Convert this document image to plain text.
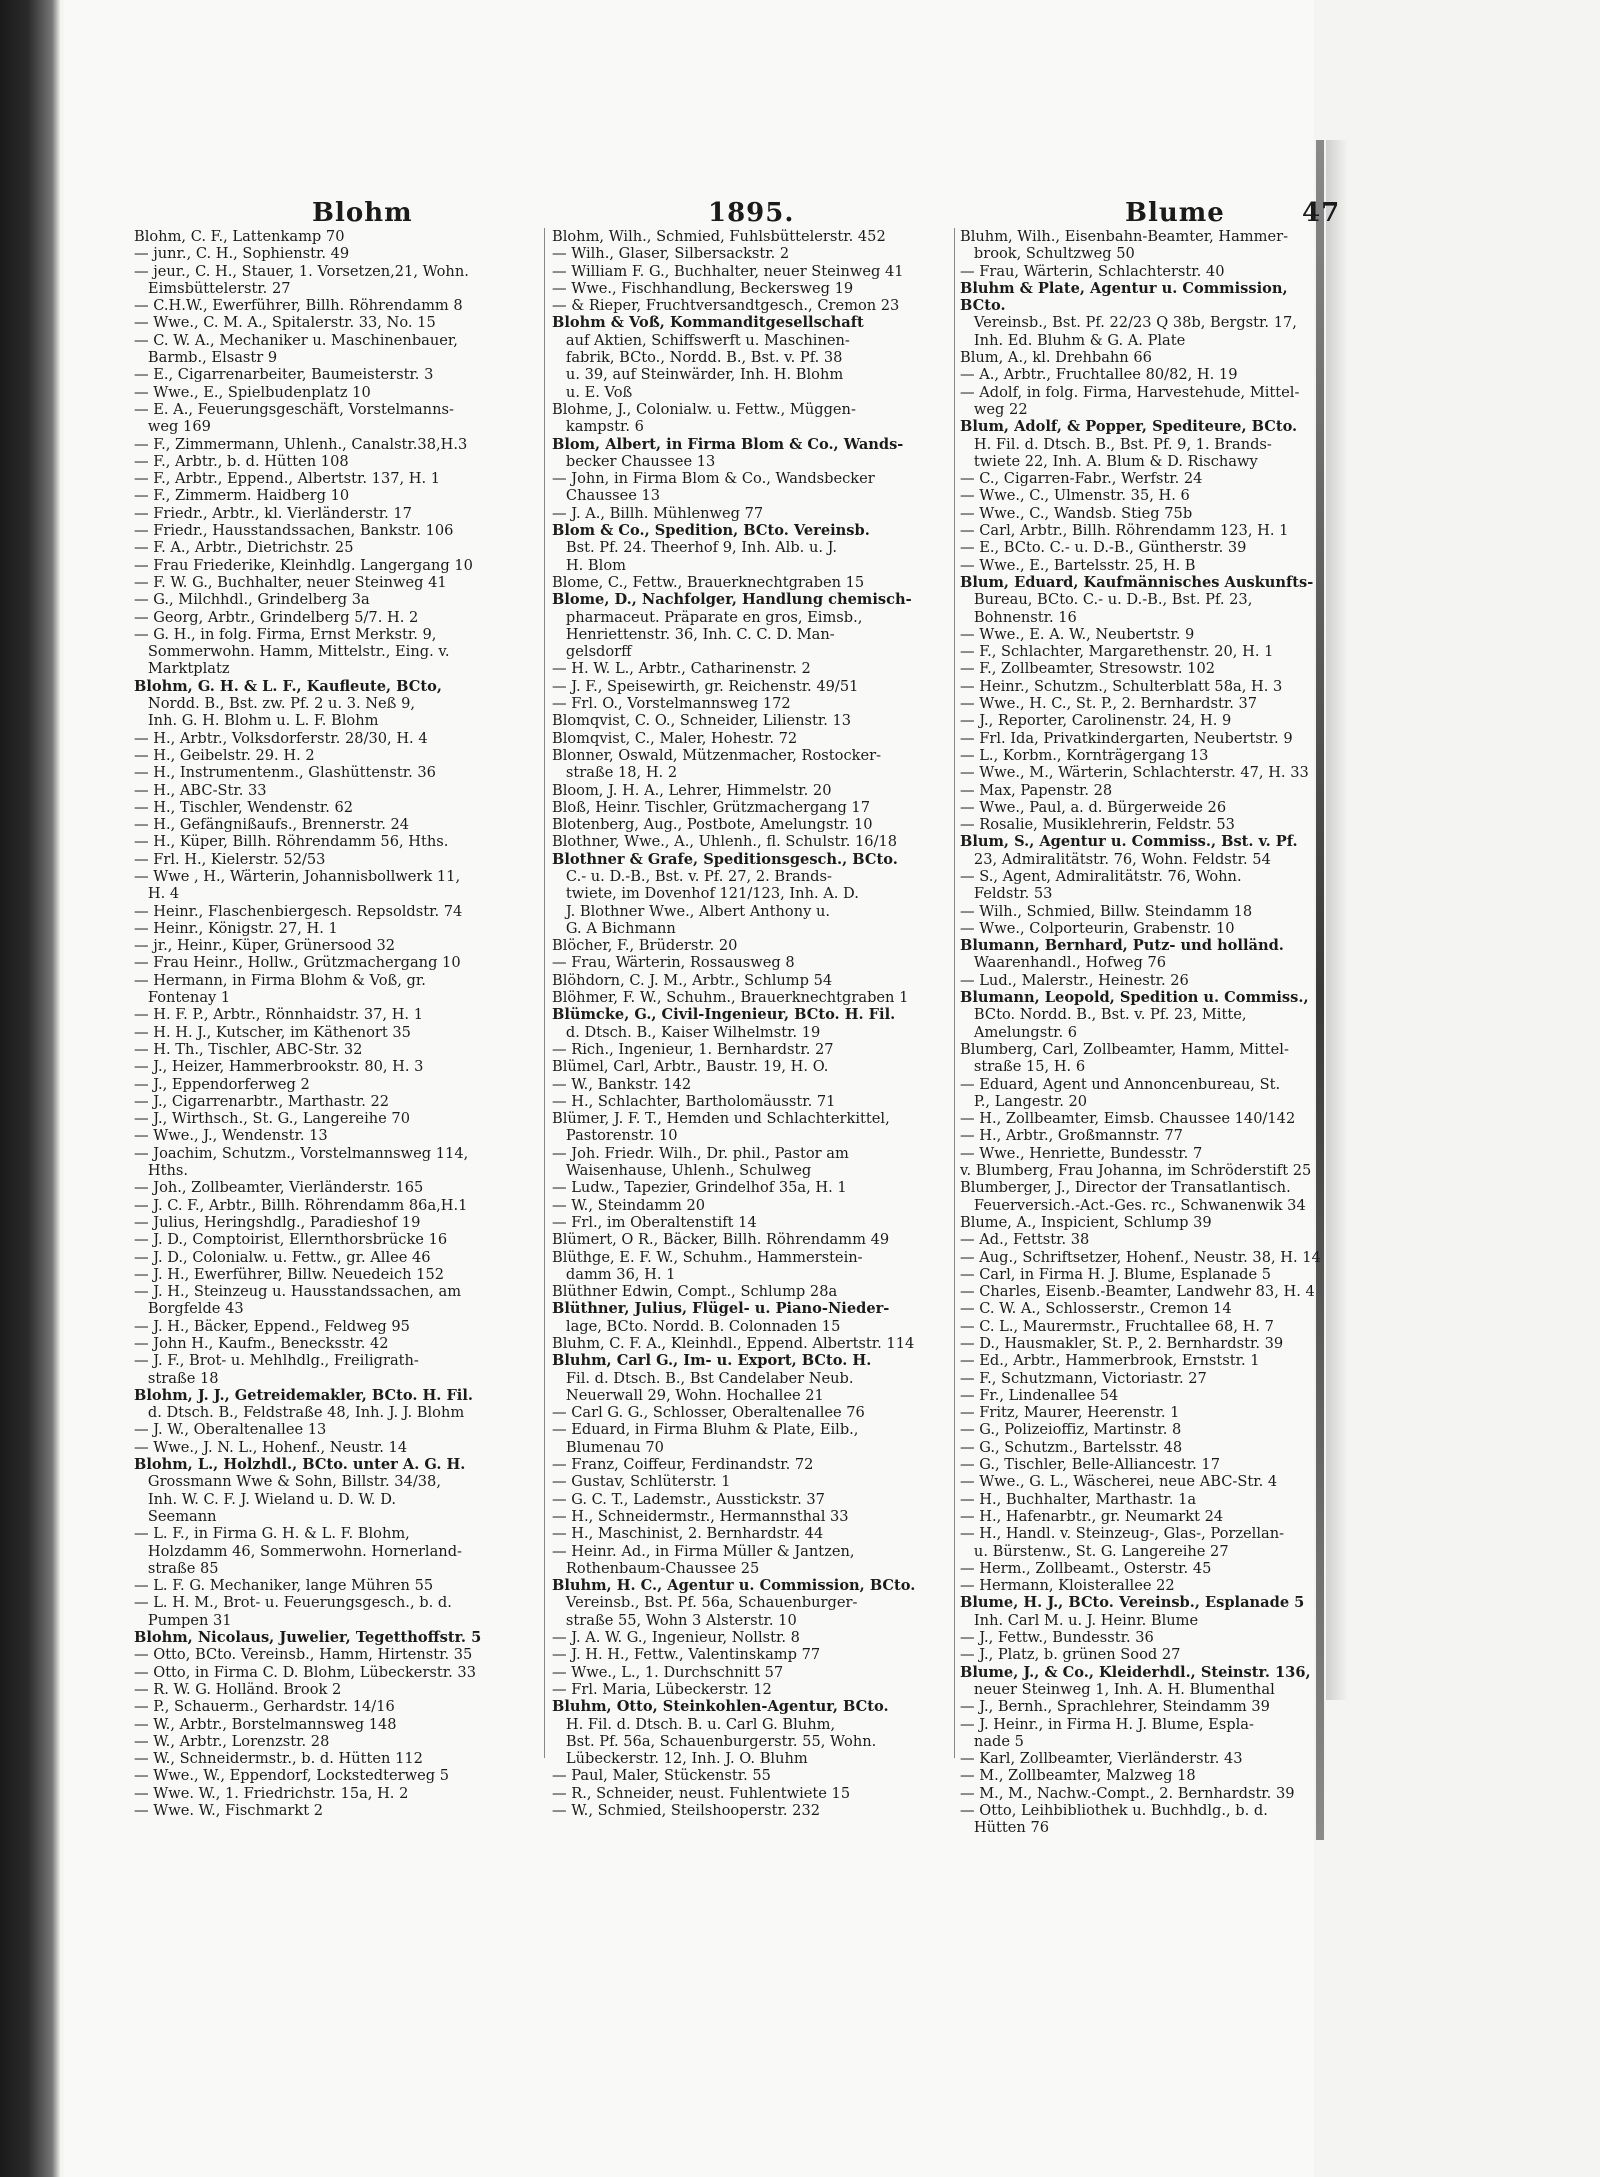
Blohm	1895.	Blume	47
Blohm, C. F., Lattenkamp 70
— junr., C. H., Sophienstr. 49
— jeur., C. H., Stauer, 1. Vorsetzen,21, Wohn.
Eimsbüttelerstr. 27
— C.H.W., Ewerführer, Billh. Röhrendamm 8
— Wwe., C. M. A., Spitalerstr. 33, No. 15
— C. W. A., Mechaniker u. Maschinenbauer,
Barmb., Elsastr 9
— E., Cigarrenarbeiter, Baumeisterstr. 3
— Wwe., E., Spielbudenplatz 10
— E. A., Feuerungsgeschäft, Vorstelmanns-
weg 169
— F., Zimmermann, Uhlenh., Canalstr.38,H.3
— F., Arbtr., b. d. Hütten 108
— F., Arbtr., Eppend., Albertstr. 137, H. 1
— F., Zimmerm. Haidberg 10
— Friedr., Arbtr., kl. Vierländerstr. 17
— Friedr., Hausstandssachen, Bankstr. 106
— F. A., Arbtr., Dietrichstr. 25
— Frau Friederike, Kleinhdlg. Langergang 10
— F. W. G., Buchhalter, neuer Steinweg 41
— G., Milchhdl., Grindelberg 3a
— Georg, Arbtr., Grindelberg 5/7. H. 2
— G. H., in folg. Firma, Ernst Merkstr. 9,
Sommerwohn. Hamm, Mittelstr., Eing. v.
Marktplatz
Blohm, G. H. & L. F., Kaufleute, BCto,
Nordd. B., Bst. zw. Pf. 2 u. 3. Neß 9,
Inh. G. H. Blohm u. L. F. Blohm
— H., Arbtr., Volksdorferstr. 28/30, H. 4
— H., Geibelstr. 29. H. 2
— H., Instrumentenm., Glashüttenstr. 36
— H., ABC-Str. 33
— H., Tischler, Wendenstr. 62
— H., Gefängnißaufs., Brennerstr. 24
— H., Küper, Billh. Röhrendamm 56, Hths.
— Frl. H., Kielerstr. 52/53
— Wwe , H., Wärterin, Johannisbollwerk 11,
H. 4
— Heinr., Flaschenbiergesch. Repsoldstr. 74
— Heinr., Königstr. 27, H. 1
— jr., Heinr., Küper, Grünersood 32
— Frau Heinr., Hollw., Grützmachergang 10
— Hermann, in Firma Blohm & Voß, gr.
Fontenay 1
— H. F. P., Arbtr., Rönnhaidstr. 37, H. 1
— H. H. J., Kutscher, im Käthenort 35
— H. Th., Tischler, ABC-Str. 32
— J., Heizer, Hammerbrookstr. 80, H. 3
— J., Eppendorferweg 2
— J., Cigarrenarbtr., Marthastr. 22
— J., Wirthsch., St. G., Langereihe 70
— Wwe., J., Wendenstr. 13
— Joachim, Schutzm., Vorstelmannsweg 114,
Hths.
— Joh., Zollbeamter, Vierländerstr. 165
— J. C. F., Arbtr., Billh. Röhrendamm 86a,H.1
— Julius, Heringshdlg., Paradieshof 19
— J. D., Comptoirist, Ellernthorsbrücke 16
— J. D., Colonialw. u. Fettw., gr. Allee 46
— J. H., Ewerführer, Billw. Neuedeich 152
— J. H., Steinzeug u. Hausstandssachen, am
Borgfelde 43
— J. H., Bäcker, Eppend., Feldweg 95
— John H., Kaufm., Benecksstr. 42
— J. F., Brot- u. Mehlhdlg., Freiligrath-
straße 18
Blohm, J. J., Getreidemakler, BCto. H. Fil.
d. Dtsch. B., Feldstraße 48, Inh. J. J. Blohm
— J. W., Oberaltenallee 13
— Wwe., J. N. L., Hohenf., Neustr. 14
Blohm, L., Holzhdl., BCto. unter A. G. H.
Grossmann Wwe & Sohn, Billstr. 34/38,
Inh. W. C. F. J. Wieland u. D. W. D.
Seemann
— L. F., in Firma G. H. & L. F. Blohm,
Holzdamm 46, Sommerwohn. Hornerland-
straße 85
— L. F. G. Mechaniker, lange Mühren 55
— L. H. M., Brot- u. Feuerungsgesch., b. d.
Pumpen 31
Blohm, Nicolaus, Juwelier, Tegetthoffstr. 5
— Otto, BCto. Vereinsb., Hamm, Hirtenstr. 35
— Otto, in Firma C. D. Blohm, Lübeckerstr. 33
— R. W. G. Holländ. Brook 2
— P., Schauerm., Gerhardstr. 14/16
— W., Arbtr., Borstelmannsweg 148
— W., Arbtr., Lorenzstr. 28
— W., Schneidermstr., b. d. Hütten 112
— Wwe., W., Eppendorf, Lockstedterweg 5
— Wwe. W., 1. Friedrichstr. 15a, H. 2
— Wwe. W., Fischmarkt 2
Blohm, Wilh., Schmied, Fuhlsbüttelerstr. 452
— Wilh., Glaser, Silbersackstr. 2
— William F. G., Buchhalter, neuer Steinweg 41
— Wwe., Fischhandlung, Beckersweg 19
— & Rieper, Fruchtversandtgesch., Cremon 23
Blohm & Voß, Kommanditgesellschaft
auf Aktien, Schiffswerft u. Maschinen-
fabrik, BCto., Nordd. B., Bst. v. Pf. 38
u. 39, auf Steinwärder, Inh. H. Blohm
u. E. Voß
Blohme, J., Colonialw. u. Fettw., Müggen-
kampstr. 6
Blom, Albert, in Firma Blom & Co., Wands-
becker Chaussee 13
— John, in Firma Blom & Co., Wandsbecker
Chaussee 13
— J. A., Billh. Mühlenweg 77
Blom & Co., Spedition, BCto. Vereinsb.
Bst. Pf. 24. Theerhof 9, Inh. Alb. u. J.
H. Blom
Blome, C., Fettw., Brauerknechtgraben 15
Blome, D., Nachfolger, Handlung chemisch-
pharmaceut. Präparate en gros, Eimsb.,
Henriettenstr. 36, Inh. C. C. D. Man-
gelsdorff
— H. W. L., Arbtr., Catharinenstr. 2
— J. F., Speisewirth, gr. Reichenstr. 49/51
— Frl. O., Vorstelmannsweg 172
Blomqvist, C. O., Schneider, Lilienstr. 13
Blomqvist, C., Maler, Hohestr. 72
Blonner, Oswald, Mützenmacher, Rostocker-
straße 18, H. 2
Bloom, J. H. A., Lehrer, Himmelstr. 20
Bloß, Heinr. Tischler, Grützmachergang 17
Blotenberg, Aug., Postbote, Amelungstr. 10
Blothner, Wwe., A., Uhlenh., fl. Schulstr. 16/18
Blothner & Grafe, Speditionsgesch., BCto.
C.- u. D.-B., Bst. v. Pf. 27, 2. Brands-
twiete, im Dovenhof 121/123, Inh. A. D.
J. Blothner Wwe., Albert Anthony u.
G. A Bichmann
Blöcher, F., Brüderstr. 20
— Frau, Wärterin, Rossausweg 8
Blöhdorn, C. J. M., Arbtr., Schlump 54
Blöhmer, F. W., Schuhm., Brauerknechtgraben 1
Blümcke, G., Civil-Ingenieur, BCto. H. Fil.
d. Dtsch. B., Kaiser Wilhelmstr. 19
— Rich., Ingenieur, 1. Bernhardstr. 27
Blümel, Carl, Arbtr., Baustr. 19, H. O.
— W., Bankstr. 142
— H., Schlachter, Bartholomäusstr. 71
Blümer, J. F. T., Hemden und Schlachterkittel,
Pastorenstr. 10
— Joh. Friedr. Wilh., Dr. phil., Pastor am
Waisenhause, Uhlenh., Schulweg
— Ludw., Tapezier, Grindelhof 35a, H. 1
— W., Steindamm 20
— Frl., im Oberaltenstift 14
Blümert, O R., Bäcker, Billh. Röhrendamm 49
Blüthge, E. F. W., Schuhm., Hammerstein-
damm 36, H. 1
Blüthner Edwin, Compt., Schlump 28a
Blüthner, Julius, Flügel- u. Piano-Nieder-
lage, BCto. Nordd. B. Colonnaden 15
Bluhm, C. F. A., Kleinhdl., Eppend. Albertstr. 114
Bluhm, Carl G., Im- u. Export, BCto. H.
Fil. d. Dtsch. B., Bst Candelaber Neub.
Neuerwall 29, Wohn. Hochallee 21
— Carl G. G., Schlosser, Oberaltenallee 76
— Eduard, in Firma Bluhm & Plate, Eilb.,
Blumenau 70
— Franz, Coiffeur, Ferdinandstr. 72
— Gustav, Schlüterstr. 1
— G. C. T., Lademstr., Ausstickstr. 37
— H., Schneidermstr., Hermannsthal 33
— H., Maschinist, 2. Bernhardstr. 44
— Heinr. Ad., in Firma Müller & Jantzen,
Rothenbaum-Chaussee 25
Bluhm, H. C., Agentur u. Commission, BCto.
Vereinsb., Bst. Pf. 56a, Schauenburger-
straße 55, Wohn 3 Alsterstr. 10
— J. A. W. G., Ingenieur, Nollstr. 8
— J. H. H., Fettw., Valentinskamp 77
— Wwe., L., 1. Durchschnitt 57
— Frl. Maria, Lübeckerstr. 12
Bluhm, Otto, Steinkohlen-Agentur, BCto.
H. Fil. d. Dtsch. B. u. Carl G. Bluhm,
Bst. Pf. 56a, Schauenburgerstr. 55, Wohn.
Lübeckerstr. 12, Inh. J. O. Bluhm
— Paul, Maler, Stückenstr. 55
— R., Schneider, neust. Fuhlentwiete 15
— W., Schmied, Steilshooperstr. 232
Bluhm, Wilh., Eisenbahn-Beamter, Hammer-
brook, Schultzweg 50
— Frau, Wärterin, Schlachterstr. 40
Bluhm & Plate, Agentur u. Commission, BCto.
Vereinsb., Bst. Pf. 22/23 Q 38b, Bergstr. 17,
Inh. Ed. Bluhm & G. A. Plate
Blum, A., kl. Drehbahn 66
— A., Arbtr., Fruchtallee 80/82, H. 19
— Adolf, in folg. Firma, Harvestehude, Mittel-
weg 22
Blum, Adolf, & Popper, Spediteure, BCto.
H. Fil. d. Dtsch. B., Bst. Pf. 9, 1. Brands-
twiete 22, Inh. A. Blum & D. Rischawy
— C., Cigarren-Fabr., Werfstr. 24
— Wwe., C., Ulmenstr. 35, H. 6
— Wwe., C., Wandsb. Stieg 75b
— Carl, Arbtr., Billh. Röhrendamm 123, H. 1
— E., BCto. C.- u. D.-B., Güntherstr. 39
— Wwe., E., Bartelsstr. 25, H. B
Blum, Eduard, Kaufmännisches Auskunfts-
Bureau, BCto. C.- u. D.-B., Bst. Pf. 23,
Bohnenstr. 16
— Wwe., E. A. W., Neubertstr. 9
— F., Schlachter, Margarethenstr. 20, H. 1
— F., Zollbeamter, Stresowstr. 102
— Heinr., Schutzm., Schulterblatt 58a, H. 3
— Wwe., H. C., St. P., 2. Bernhardstr. 37
— J., Reporter, Carolinenstr. 24, H. 9
— Frl. Ida, Privatkindergarten, Neubertstr. 9
— L., Korbm., Kornträgergang 13
— Wwe., M., Wärterin, Schlachterstr. 47, H. 33
— Max, Papenstr. 28
— Wwe., Paul, a. d. Bürgerweide 26
— Rosalie, Musiklehrerin, Feldstr. 53
Blum, S., Agentur u. Commiss., Bst. v. Pf.
23, Admiralitätstr. 76, Wohn. Feldstr. 54
— S., Agent, Admiralitätstr. 76, Wohn.
Feldstr. 53
— Wilh., Schmied, Billw. Steindamm 18
— Wwe., Colporteurin, Grabenstr. 10
Blumann, Bernhard, Putz- und holländ.
Waarenhandl., Hofweg 76
— Lud., Malerstr., Heinestr. 26
Blumann, Leopold, Spedition u. Commiss.,
BCto. Nordd. B., Bst. v. Pf. 23, Mitte,
Amelungstr. 6
Blumberg, Carl, Zollbeamter, Hamm, Mittel-
straße 15, H. 6
— Eduard, Agent und Annoncenbureau, St.
P., Langestr. 20
— H., Zollbeamter, Eimsb. Chaussee 140/142
— H., Arbtr., Großmannstr. 77
— Wwe., Henriette, Bundesstr. 7
v. Blumberg, Frau Johanna, im Schröderstift 25
Blumberger, J., Director der Transatlantisch.
Feuerversich.-Act.-Ges. rc., Schwanenwik 34
Blume, A., Inspicient, Schlump 39
— Ad., Fettstr. 38
— Aug., Schriftsetzer, Hohenf., Neustr. 38, H. 14
— Carl, in Firma H. J. Blume, Esplanade 5
— Charles, Eisenb.-Beamter, Landwehr 83, H. 4
— C. W. A., Schlosserstr., Cremon 14
— C. L., Maurermstr., Fruchtallee 68, H. 7
— D., Hausmakler, St. P., 2. Bernhardstr. 39
— Ed., Arbtr., Hammerbrook, Ernststr. 1
— F., Schutzmann, Victoriastr. 27
— Fr., Lindenallee 54
— Fritz, Maurer, Heerenstr. 1
— G., Polizeioffiz, Martinstr. 8
— G., Schutzm., Bartelsstr. 48
— G., Tischler, Belle-Alliancestr. 17
— Wwe., G. L., Wäscherei, neue ABC-Str. 4
— H., Buchhalter, Marthastr. 1a
— H., Hafenarbtr., gr. Neumarkt 24
— H., Handl. v. Steinzeug-, Glas-, Porzellan-
u. Bürstenw., St. G. Langereihe 27
— Herm., Zollbeamt., Osterstr. 45
— Hermann, Kloisterallee 22
Blume, H. J., BCto. Vereinsb., Esplanade 5
Inh. Carl M. u. J. Heinr. Blume
— J., Fettw., Bundesstr. 36
— J., Platz, b. grünen Sood 27
Blume, J., & Co., Kleiderhdl., Steinstr. 136,
neuer Steinweg 1, Inh. A. H. Blumenthal
— J., Bernh., Sprachlehrer, Steindamm 39
— J. Heinr., in Firma H. J. Blume, Espla-
nade 5
— Karl, Zollbeamter, Vierländerstr. 43
— M., Zollbeamter, Malzweg 18
— M., M., Nachw.-Compt., 2. Bernhardstr. 39
— Otto, Leihbibliothek u. Buchhdlg., b. d.
Hütten 76
